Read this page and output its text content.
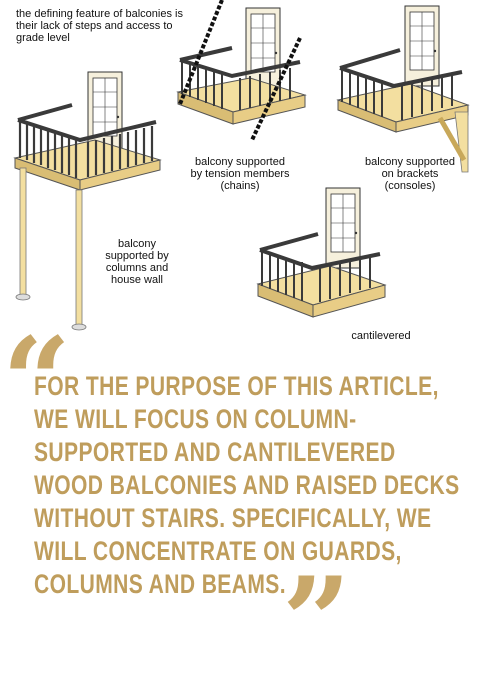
the defining feature of balconies is
their lack of steps and access to
grade level
balcony supported
by tension members
(chains)
balcony supported
on brackets
(consoles)
balcony
supported by
columns and
house wall
cantilevered
“
FOR THE PURPOSE OF THIS ARTICLE, WE WILL FOCUS ON COLUMN-SUPPORTED AND CANTILEVERED WOOD BALCONIES AND RAISED DECKS WITHOUT STAIRS. SPECIFICALLY, WE WILL CONCENTRATE ON GUARDS, COLUMNS AND BEAMS.
”
